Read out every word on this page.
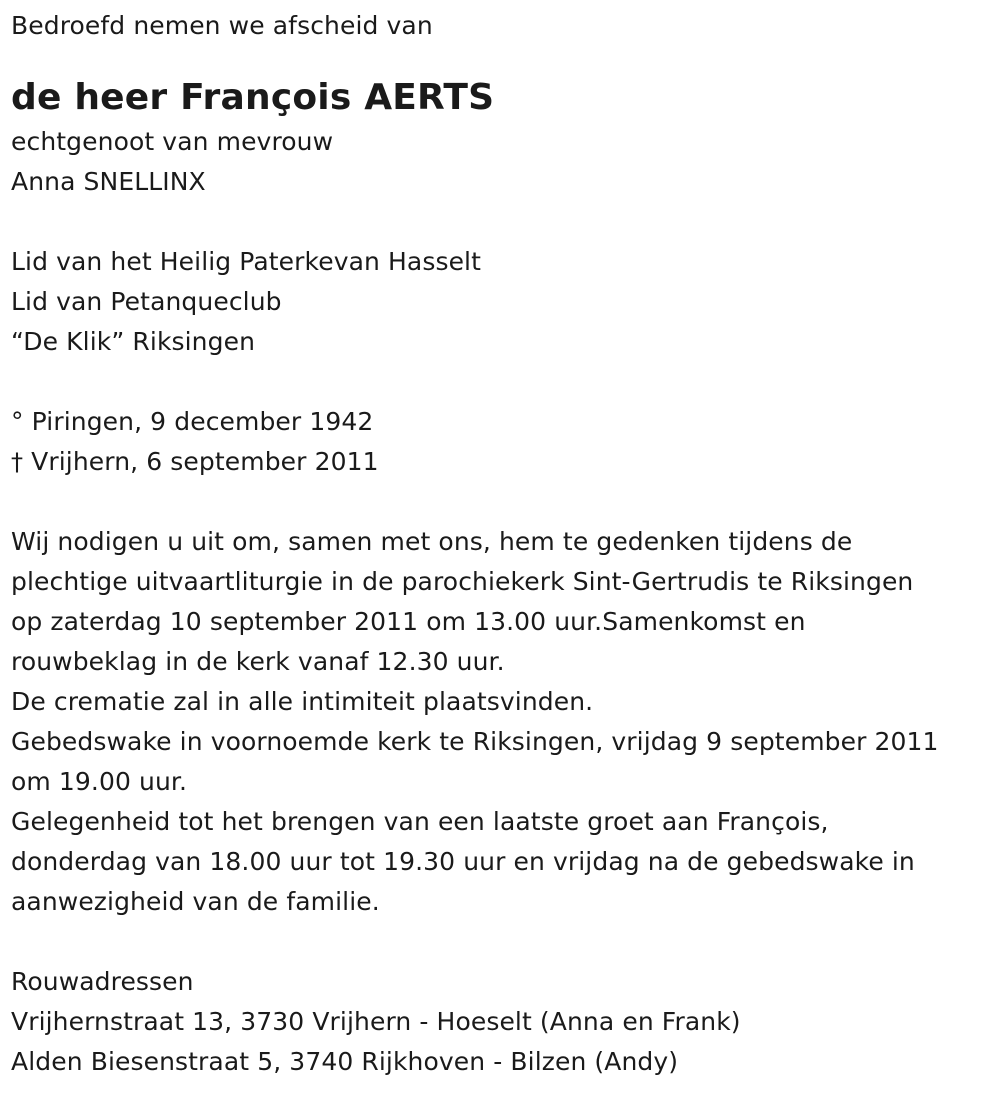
Bedroefd nemen we afscheid van
de heer François AERTS
echtgenoot van mevrouw
Anna SNELLINX
Lid van het Heilig Paterkevan Hasselt
Lid van Petanqueclub
“De Klik” Riksingen
° Piringen, 9 december 1942
† Vrijhern, 6 september 2011
Wij nodigen u uit om, samen met ons, hem te gedenken tijdens de
plechtige uitvaartliturgie in de parochiekerk Sint-Gertrudis te Riksingen
op zaterdag 10 september 2011 om 13.00 uur.Samenkomst en
rouwbeklag in de kerk vanaf 12.30 uur.
De crematie zal in alle intimiteit plaatsvinden.
Gebedswake in voornoemde kerk te Riksingen, vrijdag 9 september 2011
om 19.00 uur.
Gelegenheid tot het brengen van een laatste groet aan François,
donderdag van 18.00 uur tot 19.30 uur en vrijdag na de gebedswake in
aanwezigheid van de familie.
Rouwadressen
Vrijhernstraat 13, 3730 Vrijhern - Hoeselt (Anna en Frank)
Alden Biesenstraat 5, 3740 Rijkhoven - Bilzen (Andy)
